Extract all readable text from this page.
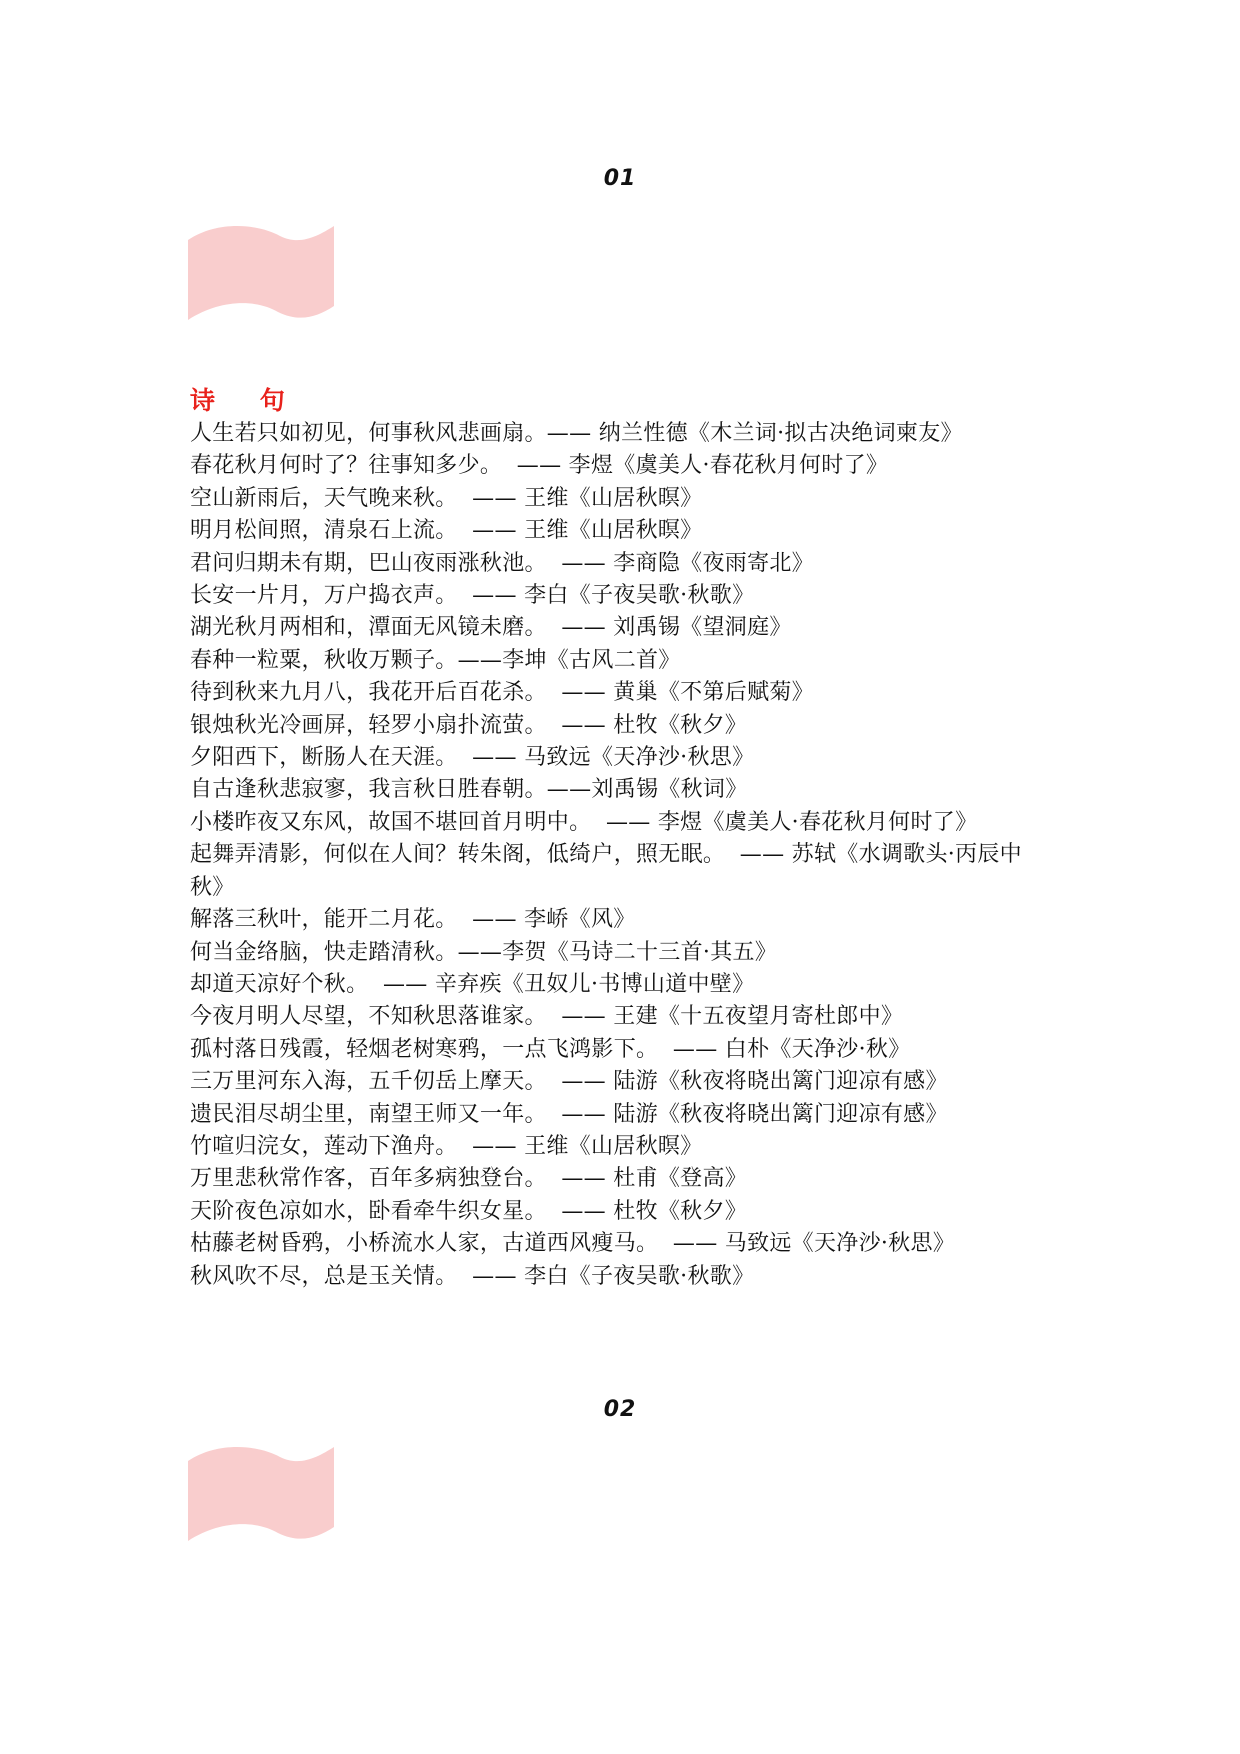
01
诗 句
人生若只如初见，何事秋风悲画扇。—— 纳兰性德《木兰词·拟古决绝词柬友》
春花秋月何时了？往事知多少。  —— 李煜《虞美人·春花秋月何时了》
空山新雨后，天气晚来秋。  —— 王维《山居秋暝》
明月松间照，清泉石上流。  —— 王维《山居秋暝》
君问归期未有期，巴山夜雨涨秋池。  —— 李商隐《夜雨寄北》
长安一片月，万户捣衣声。  —— 李白《子夜吴歌·秋歌》
湖光秋月两相和，潭面无风镜未磨。  —— 刘禹锡《望洞庭》
春种一粒粟，秋收万颗子。——李坤《古风二首》
待到秋来九月八，我花开后百花杀。  —— 黄巢《不第后赋菊》
银烛秋光冷画屏，轻罗小扇扑流萤。  —— 杜牧《秋夕》
夕阳西下，断肠人在天涯。  —— 马致远《天净沙·秋思》
自古逢秋悲寂寥，我言秋日胜春朝。——刘禹锡《秋词》
小楼昨夜又东风，故国不堪回首月明中。  —— 李煜《虞美人·春花秋月何时了》
起舞弄清影，何似在人间？转朱阁，低绮户，照无眠。  —— 苏轼《水调歌头·丙辰中秋》
解落三秋叶，能开二月花。  —— 李峤《风》
何当金络脑，快走踏清秋。——李贺《马诗二十三首·其五》
却道天凉好个秋。  —— 辛弃疾《丑奴儿·书博山道中壁》
今夜月明人尽望，不知秋思落谁家。  —— 王建《十五夜望月寄杜郎中》
孤村落日残霞，轻烟老树寒鸦，一点飞鸿影下。  —— 白朴《天净沙·秋》
三万里河东入海，五千仞岳上摩天。  —— 陆游《秋夜将晓出篱门迎凉有感》
遗民泪尽胡尘里，南望王师又一年。  —— 陆游《秋夜将晓出篱门迎凉有感》
竹喧归浣女，莲动下渔舟。  —— 王维《山居秋暝》
万里悲秋常作客，百年多病独登台。  —— 杜甫《登高》
天阶夜色凉如水，卧看牵牛织女星。  —— 杜牧《秋夕》
枯藤老树昏鸦，小桥流水人家，古道西风瘦马。  —— 马致远《天净沙·秋思》
秋风吹不尽，总是玉关情。  —— 李白《子夜吴歌·秋歌》
02
